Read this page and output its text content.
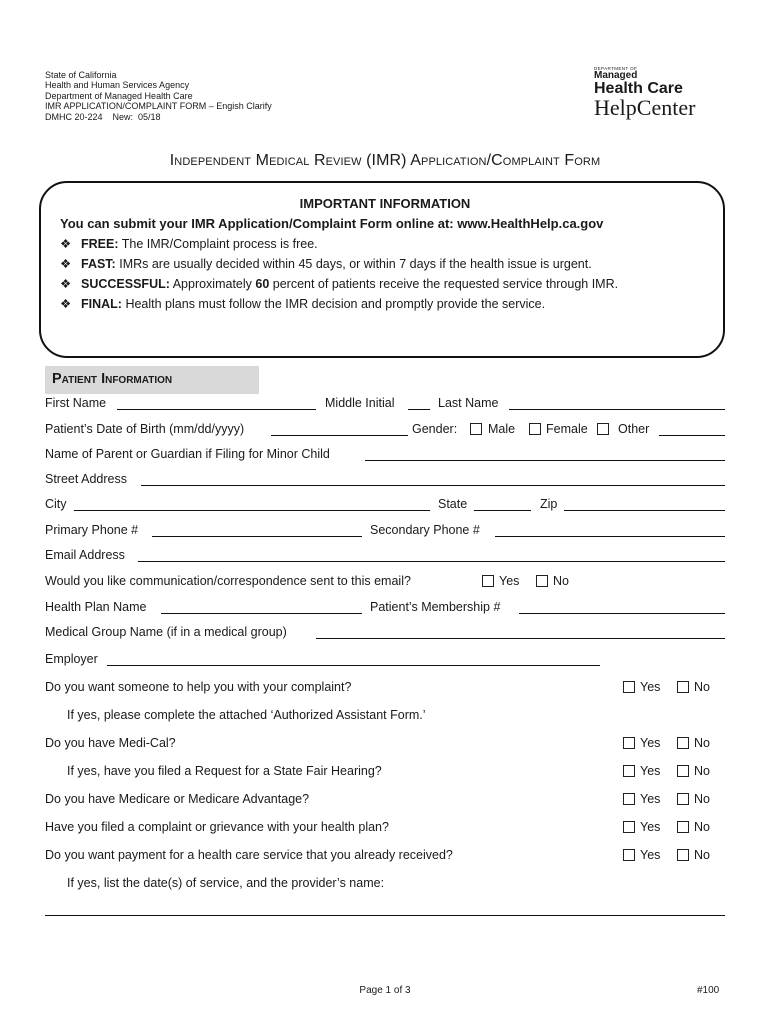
State of California
Health and Human Services Agency
Department of Managed Health Care
IMR APPLICATION/COMPLAINT FORM – Engish Clarify
DMHC 20-224    New:  05/18
DEPARTMENT OF
Managed
Health Care
HelpCenter
Independent Medical Review (IMR) Application/Complaint Form
IMPORTANT INFORMATION
You can submit your IMR Application/Complaint Form online at: www.HealthHelp.ca.gov
❖ FREE: The IMR/Complaint process is free.
❖ FAST: IMRs are usually decided within 45 days, or within 7 days if the health issue is urgent.
❖ SUCCESSFUL: Approximately 60 percent of patients receive the requested service through IMR.
❖ FINAL: Health plans must follow the IMR decision and promptly provide the service.
Patient Information
First Name	Middle Initial	Last Name
Patient’s Date of Birth (mm/dd/yyyy)	Gender: Male Female Other
Name of Parent or Guardian if Filing for Minor Child
Street Address
City	State	Zip
Primary Phone #	Secondary Phone #
Email Address
Would you like communication/correspondence sent to this email?	Yes	No
Health Plan Name	Patient’s Membership #
Medical Group Name (if in a medical group)
Employer
Do you want someone to help you with your complaint?	Yes	No
If yes, please complete the attached ‘Authorized Assistant Form.’
Do you have Medi-Cal?	Yes	No
If yes, have you filed a Request for a State Fair Hearing?	Yes	No
Do you have Medicare or Medicare Advantage?	Yes	No
Have you filed a complaint or grievance with your health plan?	Yes	No
Do you want payment for a health care service that you already received?	Yes	No
If yes, list the date(s) of service, and the provider’s name:
Page 1 of 3	#100
